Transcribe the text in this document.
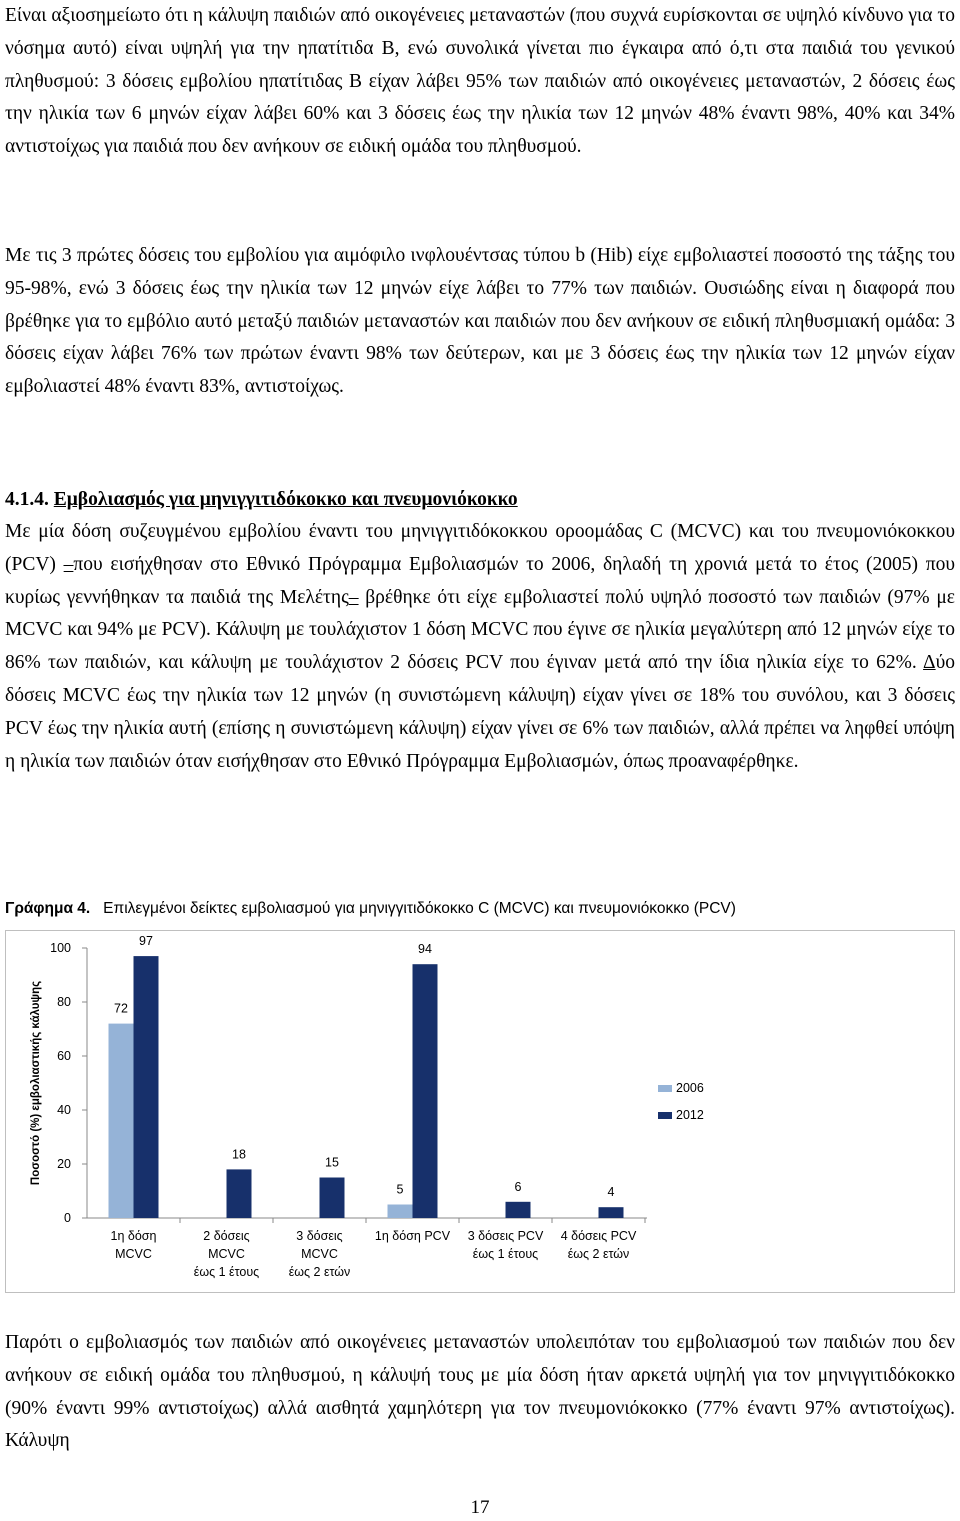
Είναι αξιοσημείωτο ότι η κάλυψη παιδιών από οικογένειες μεταναστών (που συχνά ευρίσκονται σε υψηλό κίνδυνο για το νόσημα αυτό) είναι υψηλή για την ηπατίτιδα Β, ενώ συνολικά γίνεται πιο έγκαιρα από ό,τι στα παιδιά του γενικού πληθυσμού: 3 δόσεις εμβολίου ηπατίτιδας Β είχαν λάβει 95% των παιδιών από οικογένειες μεταναστών, 2 δόσεις έως την ηλικία των 6 μηνών είχαν λάβει 60% και 3 δόσεις έως την ηλικία των 12 μηνών 48% έναντι 98%, 40% και 34% αντιστοίχως για παιδιά που δεν ανήκουν σε ειδική ομάδα του πληθυσμού.

Με τις 3 πρώτες δόσεις του εμβολίου για αιμόφιλο ινφλουέντσας τύπου b (Hib) είχε εμβολιαστεί ποσοστό της τάξης του 95-98%, ενώ 3 δόσεις έως την ηλικία των 12 μηνών είχε λάβει το 77% των παιδιών. Ουσιώδης είναι η διαφορά που βρέθηκε για το εμβόλιο αυτό μεταξύ παιδιών μεταναστών και παιδιών που δεν ανήκουν σε ειδική πληθυσμιακή ομάδα: 3 δόσεις είχαν λάβει 76% των πρώτων έναντι 98% των δεύτερων, και με 3 δόσεις έως την ηλικία των 12 μηνών είχαν εμβολιαστεί 48% έναντι 83%, αντιστοίχως.

4.1.4. Εμβολιασμός για μηνιγγιτιδόκοκκο και πνευμονιόκοκκο

Με μία δόση συζευγμένου εμβολίου έναντι του μηνιγγιτιδόκοκκου οροομάδας C (MCVC) και του πνευμονιόκοκκου (PCV) –που εισήχθησαν στο Εθνικό Πρόγραμμα Εμβολιασμών το 2006, δηλαδή τη χρονιά μετά το έτος (2005) που κυρίως γεννήθηκαν τα παιδιά της Μελέτης– βρέθηκε ότι είχε εμβολιαστεί πολύ υψηλό ποσοστό των παιδιών (97% με MCVC και 94% με PCV). Κάλυψη με τουλάχιστον 1 δόση MCVC που έγινε σε ηλικία μεγαλύτερη από 12 μηνών είχε το 86% των παιδιών, και κάλυψη με τουλάχιστον 2 δόσεις PCV που έγιναν μετά από την ίδια ηλικία είχε το 62%. Δύο δόσεις MCVC έως την ηλικία των 12 μηνών (η συνιστώμενη κάλυψη) είχαν γίνει σε 18% του συνόλου, και 3 δόσεις PCV έως την ηλικία αυτή (επίσης η συνιστώμενη κάλυψη) είχαν γίνει σε 6% των παιδιών, αλλά πρέπει να ληφθεί υπόψη η ηλικία των παιδιών όταν εισήχθησαν στο Εθνικό Πρόγραμμα Εμβολιασμών, όπως προαναφέρθηκε.

Γράφημα 4. Επιλεγμένοι δείκτες εμβολιασμού για μηνιγγιτιδόκοκκο C (MCVC) και πνευμονιόκοκκο (PCV)
0
20
40
60
80
100
72
97
18
15
5
94
6	4
1η δόση
MCVC
2 δόσεις
MCVC
έως 1 έτους
3 δόσεις
MCVC
έως 2 ετών
1η δόση PCV 3 δόσεις PCV
έως 1 έτους
4 δόσεις PCV
έως 2 ετών
2006
2012
Ποσοστό (%) εμβολιαστικής κάλυψης

Παρότι ο εμβολιασμός των παιδιών από οικογένειες μεταναστών υπολειπόταν του εμβολιασμού των παιδιών που δεν ανήκουν σε ειδική ομάδα του πληθυσμού, η κάλυψή τους με μία δόση ήταν αρκετά υψηλή για τον μηνιγγιτιδόκοκκο (90% έναντι 99% αντιστοίχως) αλλά αισθητά χαμηλότερη για τον πνευμονιόκοκκο (77% έναντι 97% αντιστοίχως). Κάλυψη

17
